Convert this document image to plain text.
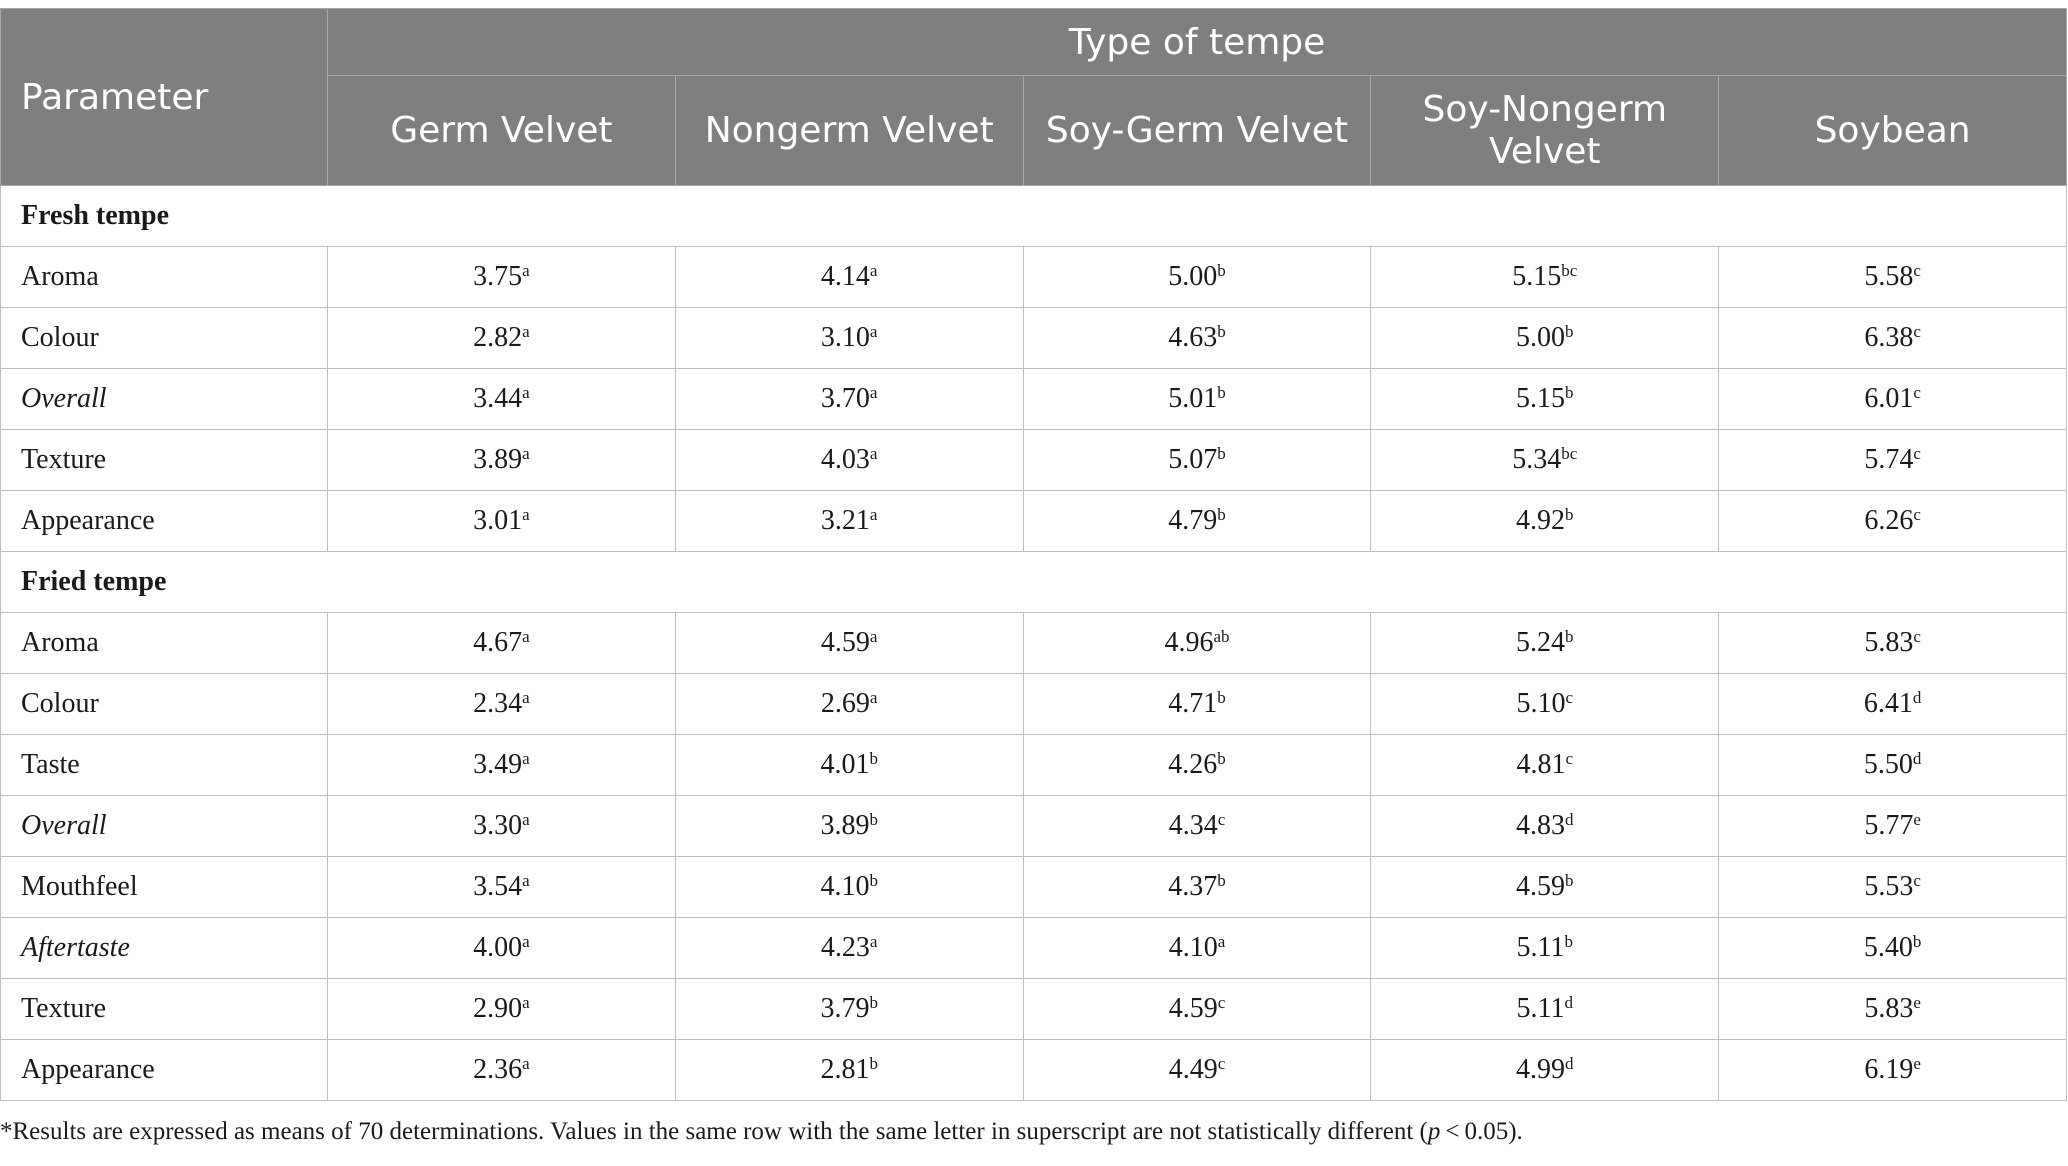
Parameter	Type of tempe				
	Germ Velvet	Nongerm Velvet	Soy-Germ Velvet	Soy-Nongerm Velvet	Soybean
Fresh tempe					
Aroma	3.75$^a$	4.14$^a$	5.00$^b$	5.15$^{bc}$	5.58$^c$
Colour	2.82$^a$	3.10$^a$	4.63$^b$	5.00$^b$	6.38$^c$
Overall	3.44$^a$	3.70$^a$	5.01$^b$	5.15$^b$	6.01$^c$
Texture	3.89$^a$	4.03$^a$	5.07$^b$	5.34$^{bc}$	5.74$^c$
Appearance	3.01$^a$	3.21$^a$	4.79$^b$	4.92$^b$	6.26$^c$
Fried tempe					
Aroma	4.67$^a$	4.59$^a$	4.96$^{ab}$	5.24$^b$	5.83$^c$
Colour	2.34$^a$	2.69$^a$	4.71$^b$	5.10$^c$	6.41$^d$
Taste	3.49$^a$	4.01$^b$	4.26$^b$	4.81$^c$	5.50$^d$
Overall	3.30$^a$	3.89$^b$	4.34$^c$	4.83$^d$	5.77e
Mouthfeel	3.54$^a$	4.10$^b$	4.37$^b$	4.59$^b$	5.53$^c$
Aftertaste	4.00$^a$	4.23$^a$	4.10$^a$	5.11$^b$	5.40$^b$
Texture	2.90$^a$	3.79$^b$	4.59$^c$	5.11$^d$	5.83e
Appearance	2.36$^a$	2.81$^b$	4.49$^c$	4.99$^d$	6.19e
*Results are expressed as means of 70 determinations. Values in the same row with the same letter in superscript are not statistically different (p < 0.05).
